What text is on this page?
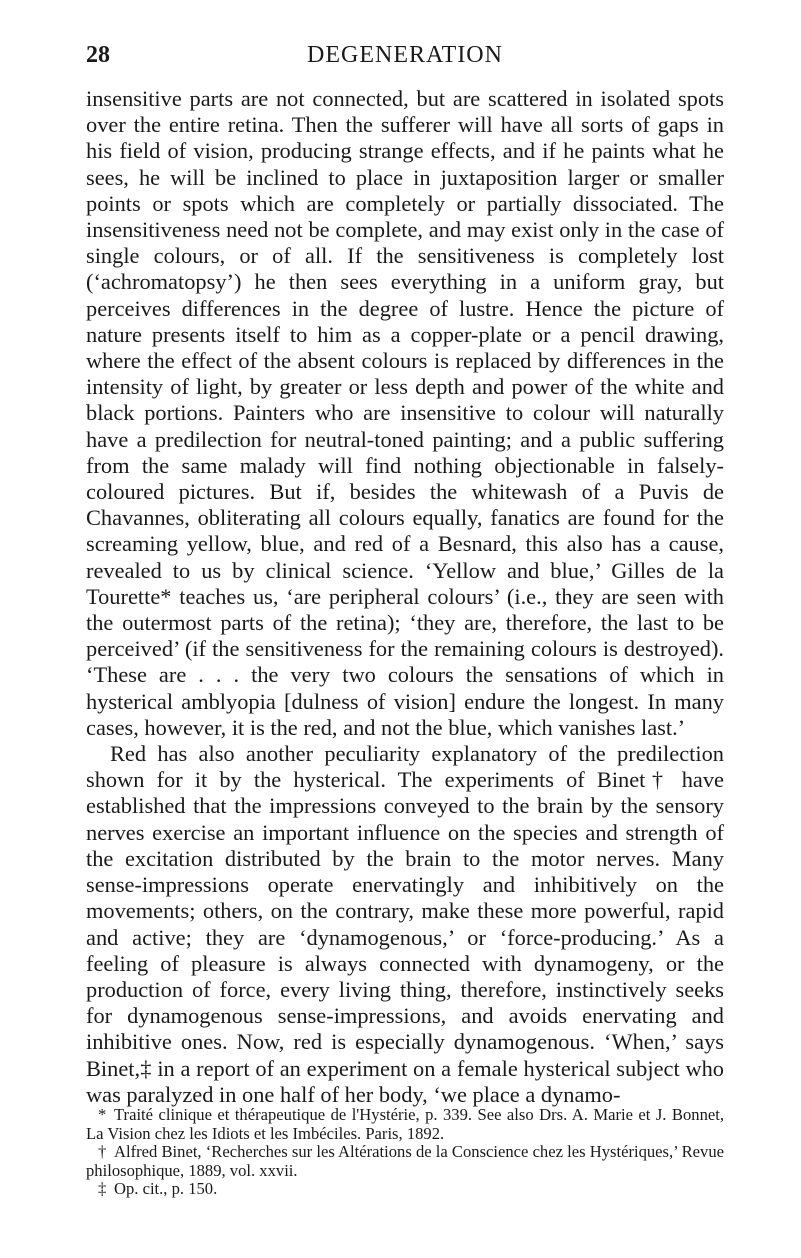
28	DEGENERATION

insensitive parts are not connected, but are scattered in isolated spots over the entire retina. Then the sufferer will have all sorts of gaps in his field of vision, producing strange effects, and if he paints what he sees, he will be inclined to place in juxtaposition larger or smaller points or spots which are completely or partially dissociated. The insensitiveness need not be complete, and may exist only in the case of single colours, or of all. If the sensitiveness is completely lost (‘achromatopsy’) he then sees everything in a uniform gray, but perceives differences in the degree of lustre. Hence the picture of nature presents itself to him as a copper-plate or a pencil drawing, where the effect of the absent colours is replaced by differences in the intensity of light, by greater or less depth and power of the white and black portions. Painters who are insensitive to colour will naturally have a predilection for neutral-toned painting; and a public suffering from the same malady will find nothing objectionable in falsely-coloured pictures. But if, besides the whitewash of a Puvis de Chavannes, obliterating all colours equally, fanatics are found for the screaming yellow, blue, and red of a Besnard, this also has a cause, revealed to us by clinical science. ‘Yellow and blue,’ Gilles de la Tourette* teaches us, ‘are peripheral colours’ (i.e., they are seen with the outermost parts of the retina); ‘they are, therefore, the last to be perceived’ (if the sensitiveness for the remaining colours is destroyed). ‘These are . . . the very two colours the sensations of which in hysterical amblyopia [dulness of vision] endure the longest. In many cases, however, it is the red, and not the blue, which vanishes last.’

Red has also another peculiarity explanatory of the predilection shown for it by the hysterical. The experiments of Binet† have established that the impressions conveyed to the brain by the sensory nerves exercise an important influence on the species and strength of the excitation distributed by the brain to the motor nerves. Many sense-impressions operate enervatingly and inhibitively on the movements; others, on the contrary, make these more powerful, rapid and active; they are ‘dynamogenous,’ or ‘force-producing.’ As a feeling of pleasure is always connected with dynamogeny, or the production of force, every living thing, therefore, instinctively seeks for dynamogenous sense-impressions, and avoids enervating and inhibitive ones. Now, red is especially dynamogenous. ‘When,’ says Binet,‡ in a report of an experiment on a female hysterical subject who was paralyzed in one half of her body, ‘we place a dynamo-

* Traité clinique et thérapeutique de l'Hystérie, p. 339. See also Drs. A. Marie et J. Bonnet, La Vision chez les Idiots et les Imbéciles. Paris, 1892.

† Alfred Binet, ‘Recherches sur les Altérations de la Conscience chez les Hystériques,’ Revue philosophique, 1889, vol. xxvii.

‡ Op. cit., p. 150.
